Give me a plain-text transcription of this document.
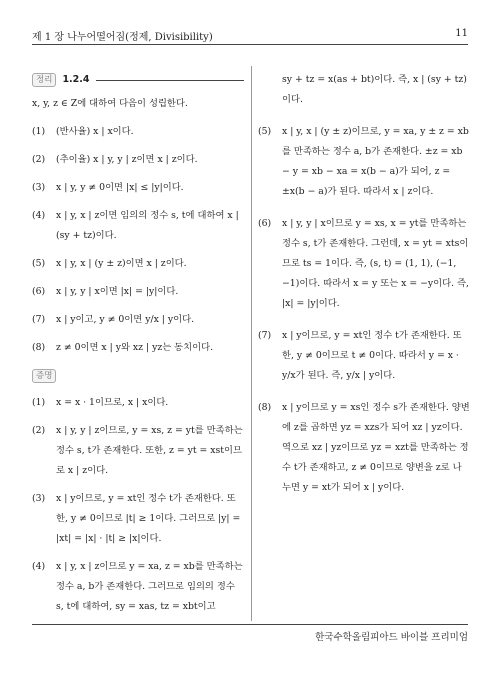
제 1 장 나누어떨어짐(정제, Divisibility)	11
정리	1.2.4
x, y, z ∈ Z에 대하여 다음이 성립한다.
(1)	(반사율) x | x이다.
(2)	(추이율) x | y, y | z이면 x | z이다.
(3)	x | y, y ≠ 0이면 |x| ≤ |y|이다.
(4)	x | y, x | z이면 임의의 정수 s, t에 대하여 x | (sy + tz)이다.
(5)	x | y, x | (y ± z)이면 x | z이다.
(6)	x | y, y | x이면 |x| = |y|이다.
(7)	x | y이고, y ≠ 0이면 y/x | y이다.
(8)	z ≠ 0이면 x | y와 xz | yz는 동치이다.
증명
(1)	x = x · 1이므로, x | x이다.
(2)	x | y, y | z이므로, y = xs, z = yt를 만족하는 정수 s, t가 존재한다. 또한, z = yt = xst이므로 x | z이다.
(3)	x | y이므로, y = xt인 정수 t가 존재한다. 또한, y ≠ 0이므로 |t| ≥ 1이다. 그러므로 |y| = |xt| = |x| · |t| ≥ |x|이다.
(4)	x | y, x | z이므로 y = xa, z = xb를 만족하는 정수 a, b가 존재한다. 그러므로 임의의 정수 s, t에 대하여, sy = xas, tz = xbt이고
sy + tz = x(as + bt)이다. 즉, x | (sy + tz)이다.
(5)	x | y, x | (y ± z)이므로, y = xa, y ± z = xb를 만족하는 정수 a, b가 존재한다. ±z = xb − y = xb − xa = x(b − a)가 되어, z = ±x(b − a)가 된다. 따라서 x | z이다.
(6)	x | y, y | x이므로 y = xs, x = yt를 만족하는 정수 s, t가 존재한다. 그런데, x = yt = xts이므로 ts = 1이다. 즉, (s, t) = (1, 1), (−1, −1)이다. 따라서 x = y 또는 x = −y이다. 즉, |x| = |y|이다.
(7)	x | y이므로, y = xt인 정수 t가 존재한다. 또한, y ≠ 0이므로 t ≠ 0이다. 따라서 y = x · y/x가 된다. 즉, y/x | y이다.
(8)	x | y이므로 y = xs인 정수 s가 존재한다. 양변에 z를 곱하면 yz = xzs가 되어 xz | yz이다. 역으로 xz | yz이므로 yz = xzt를 만족하는 정수 t가 존재하고, z ≠ 0이므로 양변을 z로 나누면 y = xt가 되어 x | y이다.
한국수학올림피아드 바이블 프리미엄
